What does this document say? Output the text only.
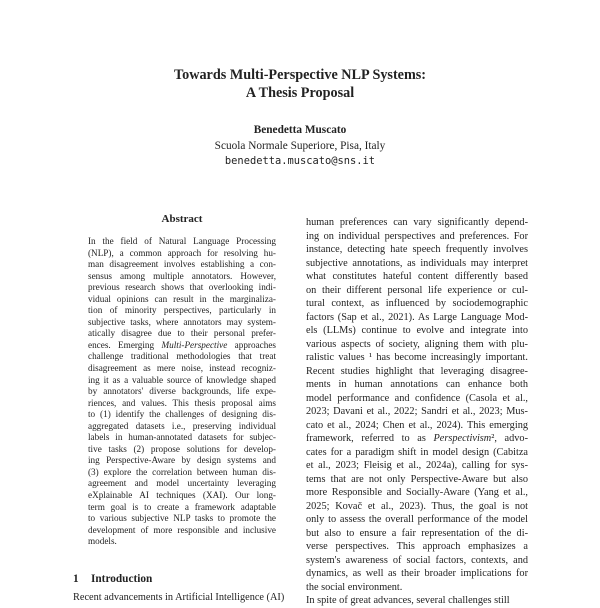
Towards Multi-Perspective NLP Systems:
A Thesis Proposal
Benedetta Muscato
Scuola Normale Superiore, Pisa, Italy
benedetta.muscato@sns.it
Abstract
In the field of Natural Language Processing
(NLP), a common approach for resolving hu-
man disagreement involves establishing a con-
sensus among multiple annotators. However,
previous research shows that overlooking indi-
vidual opinions can result in the marginaliza-
tion of minority perspectives, particularly in
subjective tasks, where annotators may system-
atically disagree due to their personal prefer-
ences. Emerging Multi-Perspective approaches
challenge traditional methodologies that treat
disagreement as mere noise, instead recogniz-
ing it as a valuable source of knowledge shaped
by annotators' diverse backgrounds, life expe-
riences, and values. This thesis proposal aims
to (1) identify the challenges of designing dis-
aggregated datasets i.e., preserving individual
labels in human-annotated datasets for subjec-
tive tasks (2) propose solutions for develop-
ing Perspective-Aware by design systems and
(3) explore the correlation between human dis-
agreement and model uncertainty leveraging
eXplainable AI techniques (XAI). Our long-
term goal is to create a framework adaptable
to various subjective NLP tasks to promote the
development of more responsible and inclusive
models.
1 Introduction
Recent advancements in Artificial Intelligence (AI)
human preferences can vary significantly depend-
ing on individual perspectives and preferences. For
instance, detecting hate speech frequently involves
subjective annotations, as individuals may interpret
what constitutes hateful content differently based
on their different personal life experience or cul-
tural context, as influenced by sociodemographic
factors (Sap et al., 2021). As Large Language Mod-
els (LLMs) continue to evolve and integrate into
various aspects of society, aligning them with plu-
ralistic values ¹ has become increasingly important.
Recent studies highlight that leveraging disagree-
ments in human annotations can enhance both
model performance and confidence (Casola et al.,
2023; Davani et al., 2022; Sandri et al., 2023; Mus-
cato et al., 2024; Chen et al., 2024). This emerging
framework, referred to as Perspectivism², advo-
cates for a paradigm shift in model design (Cabitza
et al., 2023; Fleisig et al., 2024a), calling for sys-
tems that are not only Perspective-Aware but also
more Responsible and Socially-Aware (Yang et al.,
2025; Kovač et al., 2023). Thus, the goal is not
only to assess the overall performance of the model
but also to ensure a fair representation of the di-
verse perspectives. This approach emphasizes a
system's awareness of social factors, contexts, and
dynamics, as well as their broader implications for
the social environment.
In spite of great advances, several challenges still
